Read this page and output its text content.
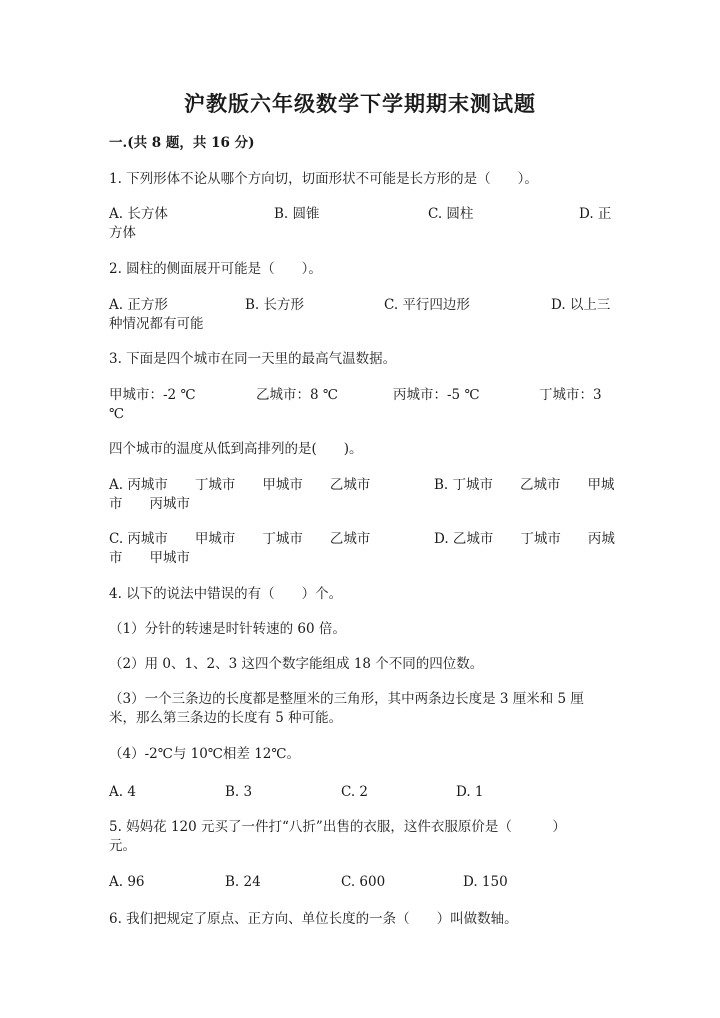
沪教版六年级数学下学期期末测试题
一.(共 8 题，共 16 分)
1. 下列形体不论从哪个方向切，切面形状不可能是长方形的是（　　）。
A. 长方体	B. 圆锥	C. 圆柱	D. 正
方体
2. 圆柱的侧面展开可能是（　　）。
A. 正方形	B. 长方形	C. 平行四边形	D. 以上三
种情况都有可能
3. 下面是四个城市在同一天里的最高气温数据。
甲城市：-2 ℃	乙城市：8 ℃	丙城市：-5 ℃	丁城市：3
℃
四个城市的温度从低到高排列的是(　　)。
A. 丙城市　　丁城市　　甲城市　　乙城市	B. 丁城市　　乙城市　　甲城
市　　丙城市
C. 丙城市　　甲城市　　丁城市　　乙城市	D. 乙城市　　丁城市　　丙城
市　　甲城市
4. 以下的说法中错误的有（　　）个。
（1）分针的转速是时针转速的 60 倍。
（2）用 0、1、2、3 这四个数字能组成 18 个不同的四位数。
（3）一个三条边的长度都是整厘米的三角形，其中两条边长度是 3 厘米和 5 厘
米，那么第三条边的长度有 5 种可能。
（4）-2℃与 10℃相差 12℃。
A. 4	B. 3	C. 2	D. 1
5. 妈妈花 120 元买了一件打“八折”出售的衣服，这件衣服原价是（　　　）
元。
A. 96	B. 24	C. 600	D. 150
6. 我们把规定了原点、正方向、单位长度的一条（　　）叫做数轴。
